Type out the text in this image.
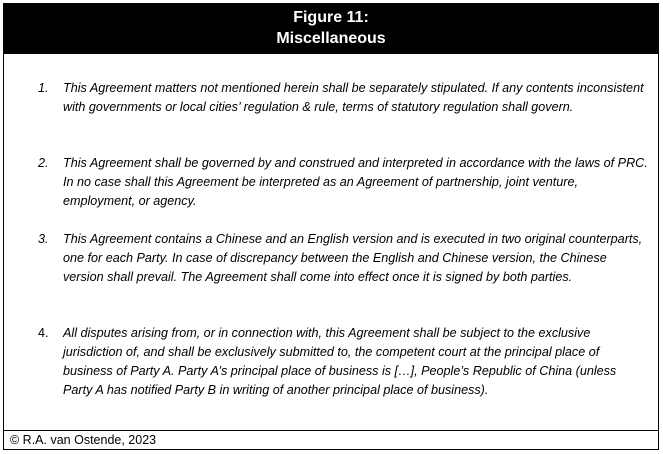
Figure 11:
Miscellaneous
1. This Agreement matters not mentioned herein shall be separately stipulated. If any contents inconsistent with governments or local cities’ regulation & rule, terms of statutory regulation shall govern.
2. This Agreement shall be governed by and construed and interpreted in accordance with the laws of PRC. In no case shall this Agreement be interpreted as an Agreement of partnership, joint venture, employment, or agency.
3. This Agreement contains a Chinese and an English version and is executed in two original counterparts, one for each Party. In case of discrepancy between the English and Chinese version, the Chinese version shall prevail. The Agreement shall come into effect once it is signed by both parties.
4. All disputes arising from, or in connection with, this Agreement shall be subject to the exclusive jurisdiction of, and shall be exclusively submitted to, the competent court at the principal place of business of Party A. Party A’s principal place of business is […], People’s Republic of China (unless Party A has notified Party B in writing of another principal place of business).
© R.A. van Ostende, 2023
